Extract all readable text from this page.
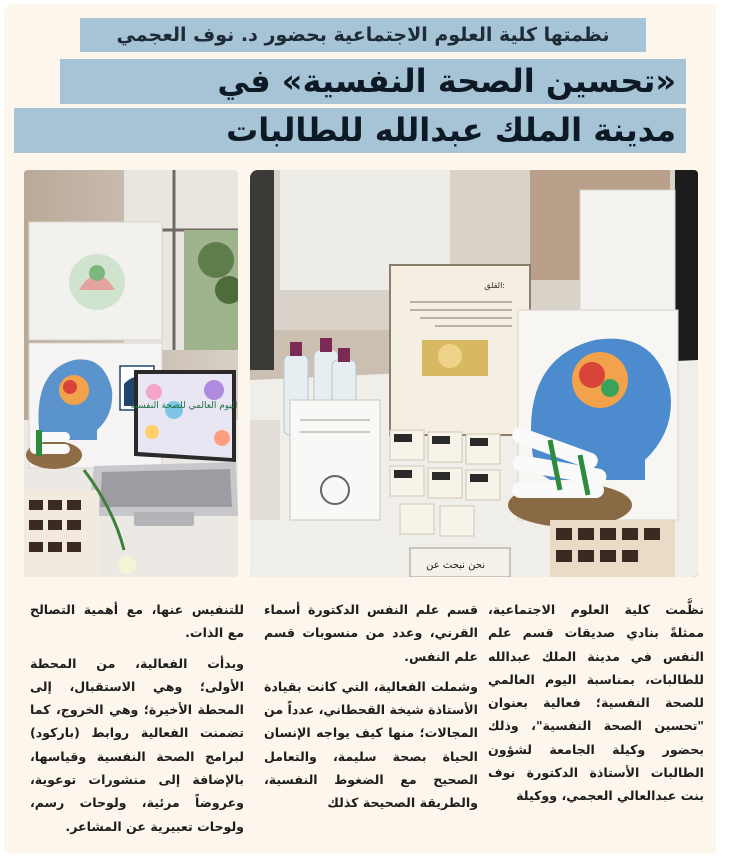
نظمتها كلية العلوم الاجتماعية بحضور د. نوف العجمي
«تحسين الصحة النفسية» في
مدينة الملك عبدالله للطالبات
اليوم العالمي للصحة النفسية
القلق:
نحن نبحث عن

نظَّمت كلية العلوم الاجتماعية، ممثلةً بنادي صديقات قسم علم النفس في مدينة الملك عبدالله للطالبات، بمناسبة اليوم العالمي للصحة النفسية؛ فعالية بعنوان "تحسين الصحة النفسية"، وذلك بحضور وكيلة الجامعة لشؤون الطالبات الأستاذة الدكتورة نوف بنت عبدالعالي العجمي، ووكيلة

قسم علم النفس الدكتورة أسماء القرني، وعدد من منسوبات قسم علم النفس.

وشملت الفعالية، التي كانت بقيادة الأستاذة شيخة القحطاني، عدداً من المجالات؛ منها كيف يواجه الإنسان الحياة بصحة سليمة، والتعامل الصحيح مع الضغوط النفسية، والطريقة الصحيحة كذلك

للتنفيس عنها، مع أهمية التصالح مع الذات.

وبدأت الفعالية، من المحطة الأولى؛ وهي الاستقبال، إلى المحطة الأخيرة؛ وهي الخروج، كما تضمنت الفعالية روابط (باركود) لبرامج الصحة النفسية وقياسها، بالإضافة إلى منشورات توعوية، وعروضاً مرئية، ولوحات رسم، ولوحات تعبيرية عن المشاعر.
